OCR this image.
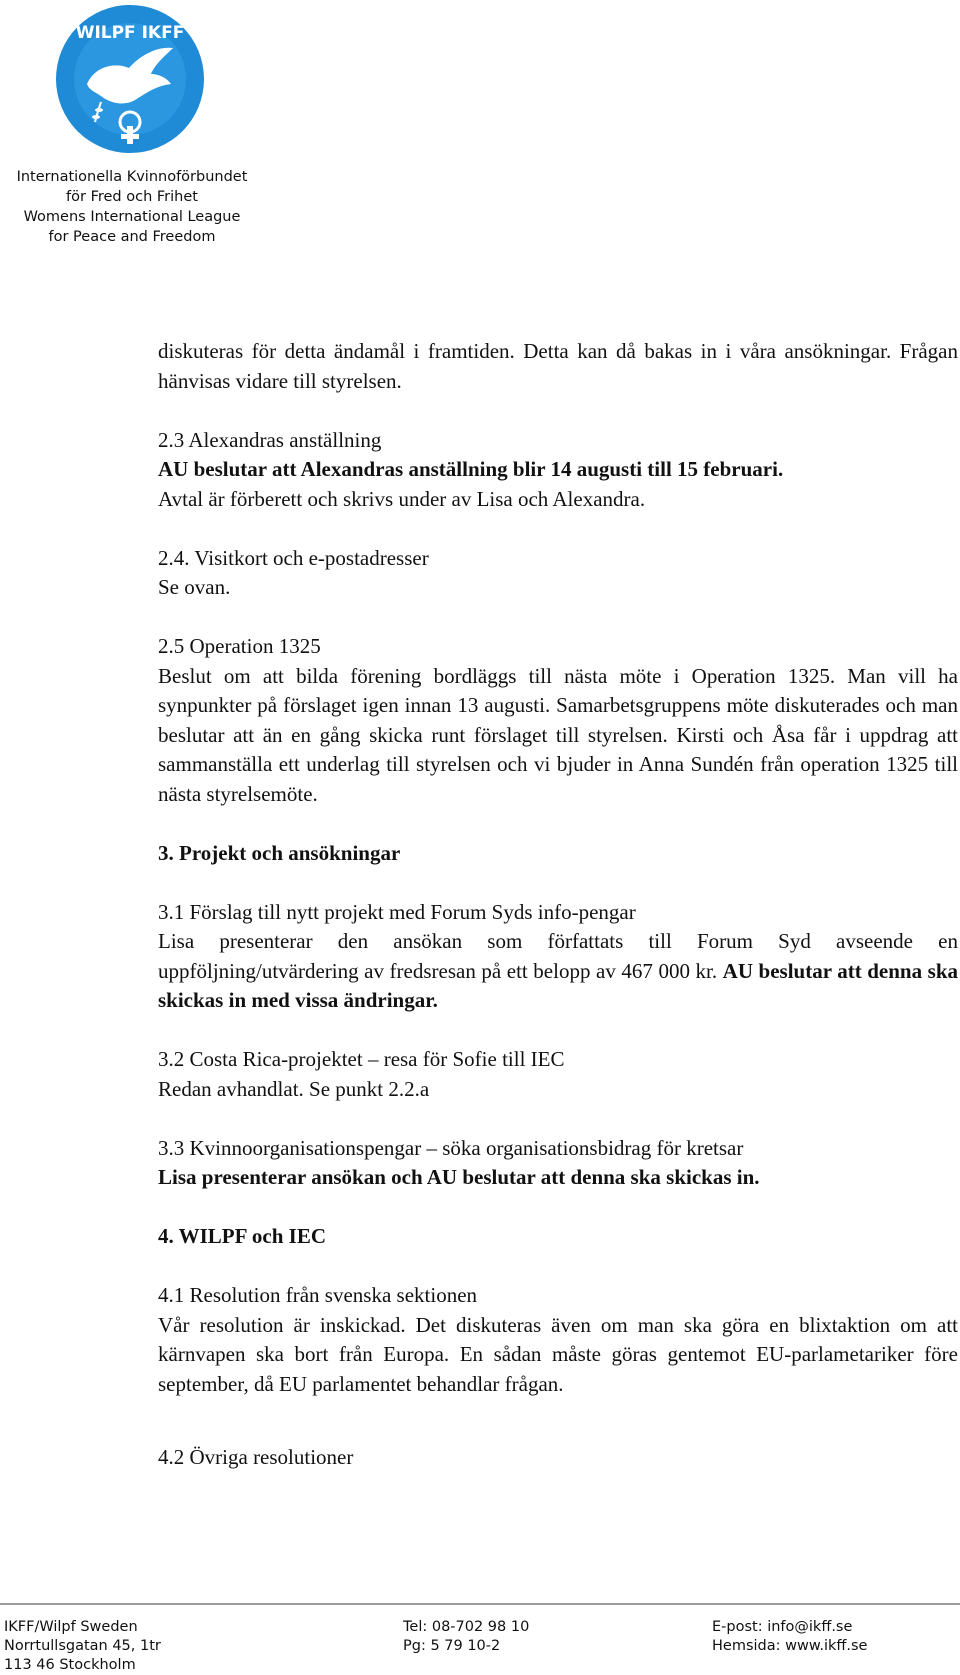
WILPF IKFF
Internationella Kvinnoförbundet
för Fred och Frihet
Womens International League
for Peace and Freedom

diskuteras för detta ändamål i framtiden. Detta kan då bakas in i våra ansökningar. Frågan hänvisas vidare till styrelsen.

2.3 Alexandras anställning
AU beslutar att Alexandras anställning blir 14 augusti till 15 februari.
Avtal är förberett och skrivs under av Lisa och Alexandra.
2.4. Visitkort och e-postadresser
Se ovan.
2.5 Operation 1325
Beslut om att bilda förening bordläggs till nästa möte i Operation 1325. Man vill ha synpunkter på förslaget igen innan 13 augusti. Samarbetsgruppens möte diskuterades och man beslutar att än en gång skicka runt förslaget till styrelsen. Kirsti och Åsa får i uppdrag att sammanställa ett underlag till styrelsen och vi bjuder in Anna Sundén från operation 1325 till nästa styrelsemöte.
3. Projekt och ansökningar
3.1 Förslag till nytt projekt med Forum Syds info-pengar
Lisa presenterar den ansökan som författats till Forum Syd avseende en uppföljning/utvärdering av fredsresan på ett belopp av 467 000 kr. AU beslutar att denna ska skickas in med vissa ändringar.
3.2 Costa Rica-projektet – resa för Sofie till IEC
Redan avhandlat. Se punkt 2.2.a
3.3 Kvinnoorganisationspengar – söka organisationsbidrag för kretsar
Lisa presenterar ansökan och AU beslutar att denna ska skickas in.
4. WILPF och IEC
4.1 Resolution från svenska sektionen
Vår resolution är inskickad. Det diskuteras även om man ska göra en blixtaktion om att kärnvapen ska bort från Europa. En sådan måste göras gentemot EU-parlametariker före september, då EU parlamentet behandlar frågan.
4.2 Övriga resolutioner
IKFF/Wilpf Sweden
Norrtullsgatan 45, 1tr
113 46 Stockholm
Tel: 08-702 98 10
Pg: 5 79 10-2
E-post: info@ikff.se
Hemsida: www.ikff.se
